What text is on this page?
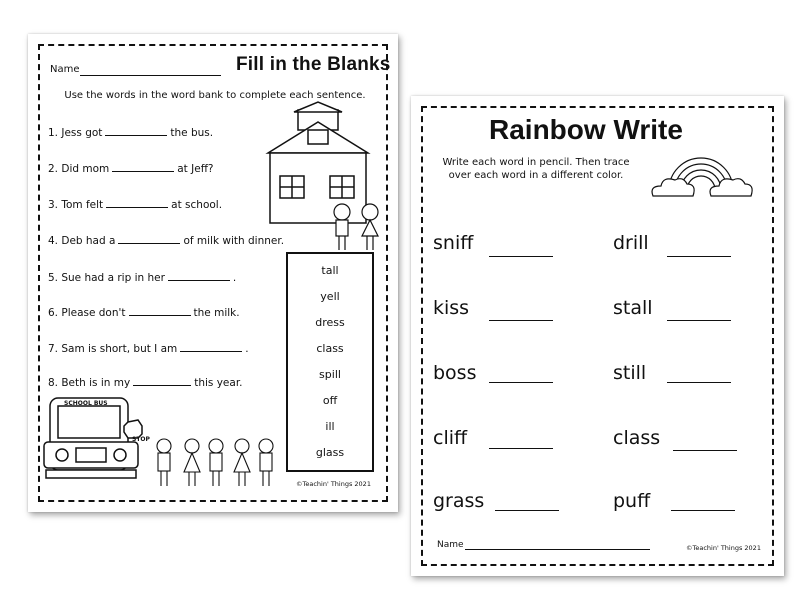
Name	Fill in the Blanks
Use the words in the word bank to complete each sentence.
1. Jess got	the bus.
2. Did mom	at Jeff?
3. Tom felt	at school.
4. Deb had a	of milk with dinner.
5. Sue had a rip in her	.
6. Please don't	the milk.
7. Sam is short, but I am	.
8. Beth is in my	this year.
tall
yell
dress
class
spill
off
ill
glass
SCHOOL BUS
STOP
©Teachin' Things 2021
Rainbow Write
Write each word in pencil. Then trace over each word in a different color.
sniff
kiss
boss
cliff
grass
drill
stall
still
class
puff
Name	©Teachin' Things 2021
